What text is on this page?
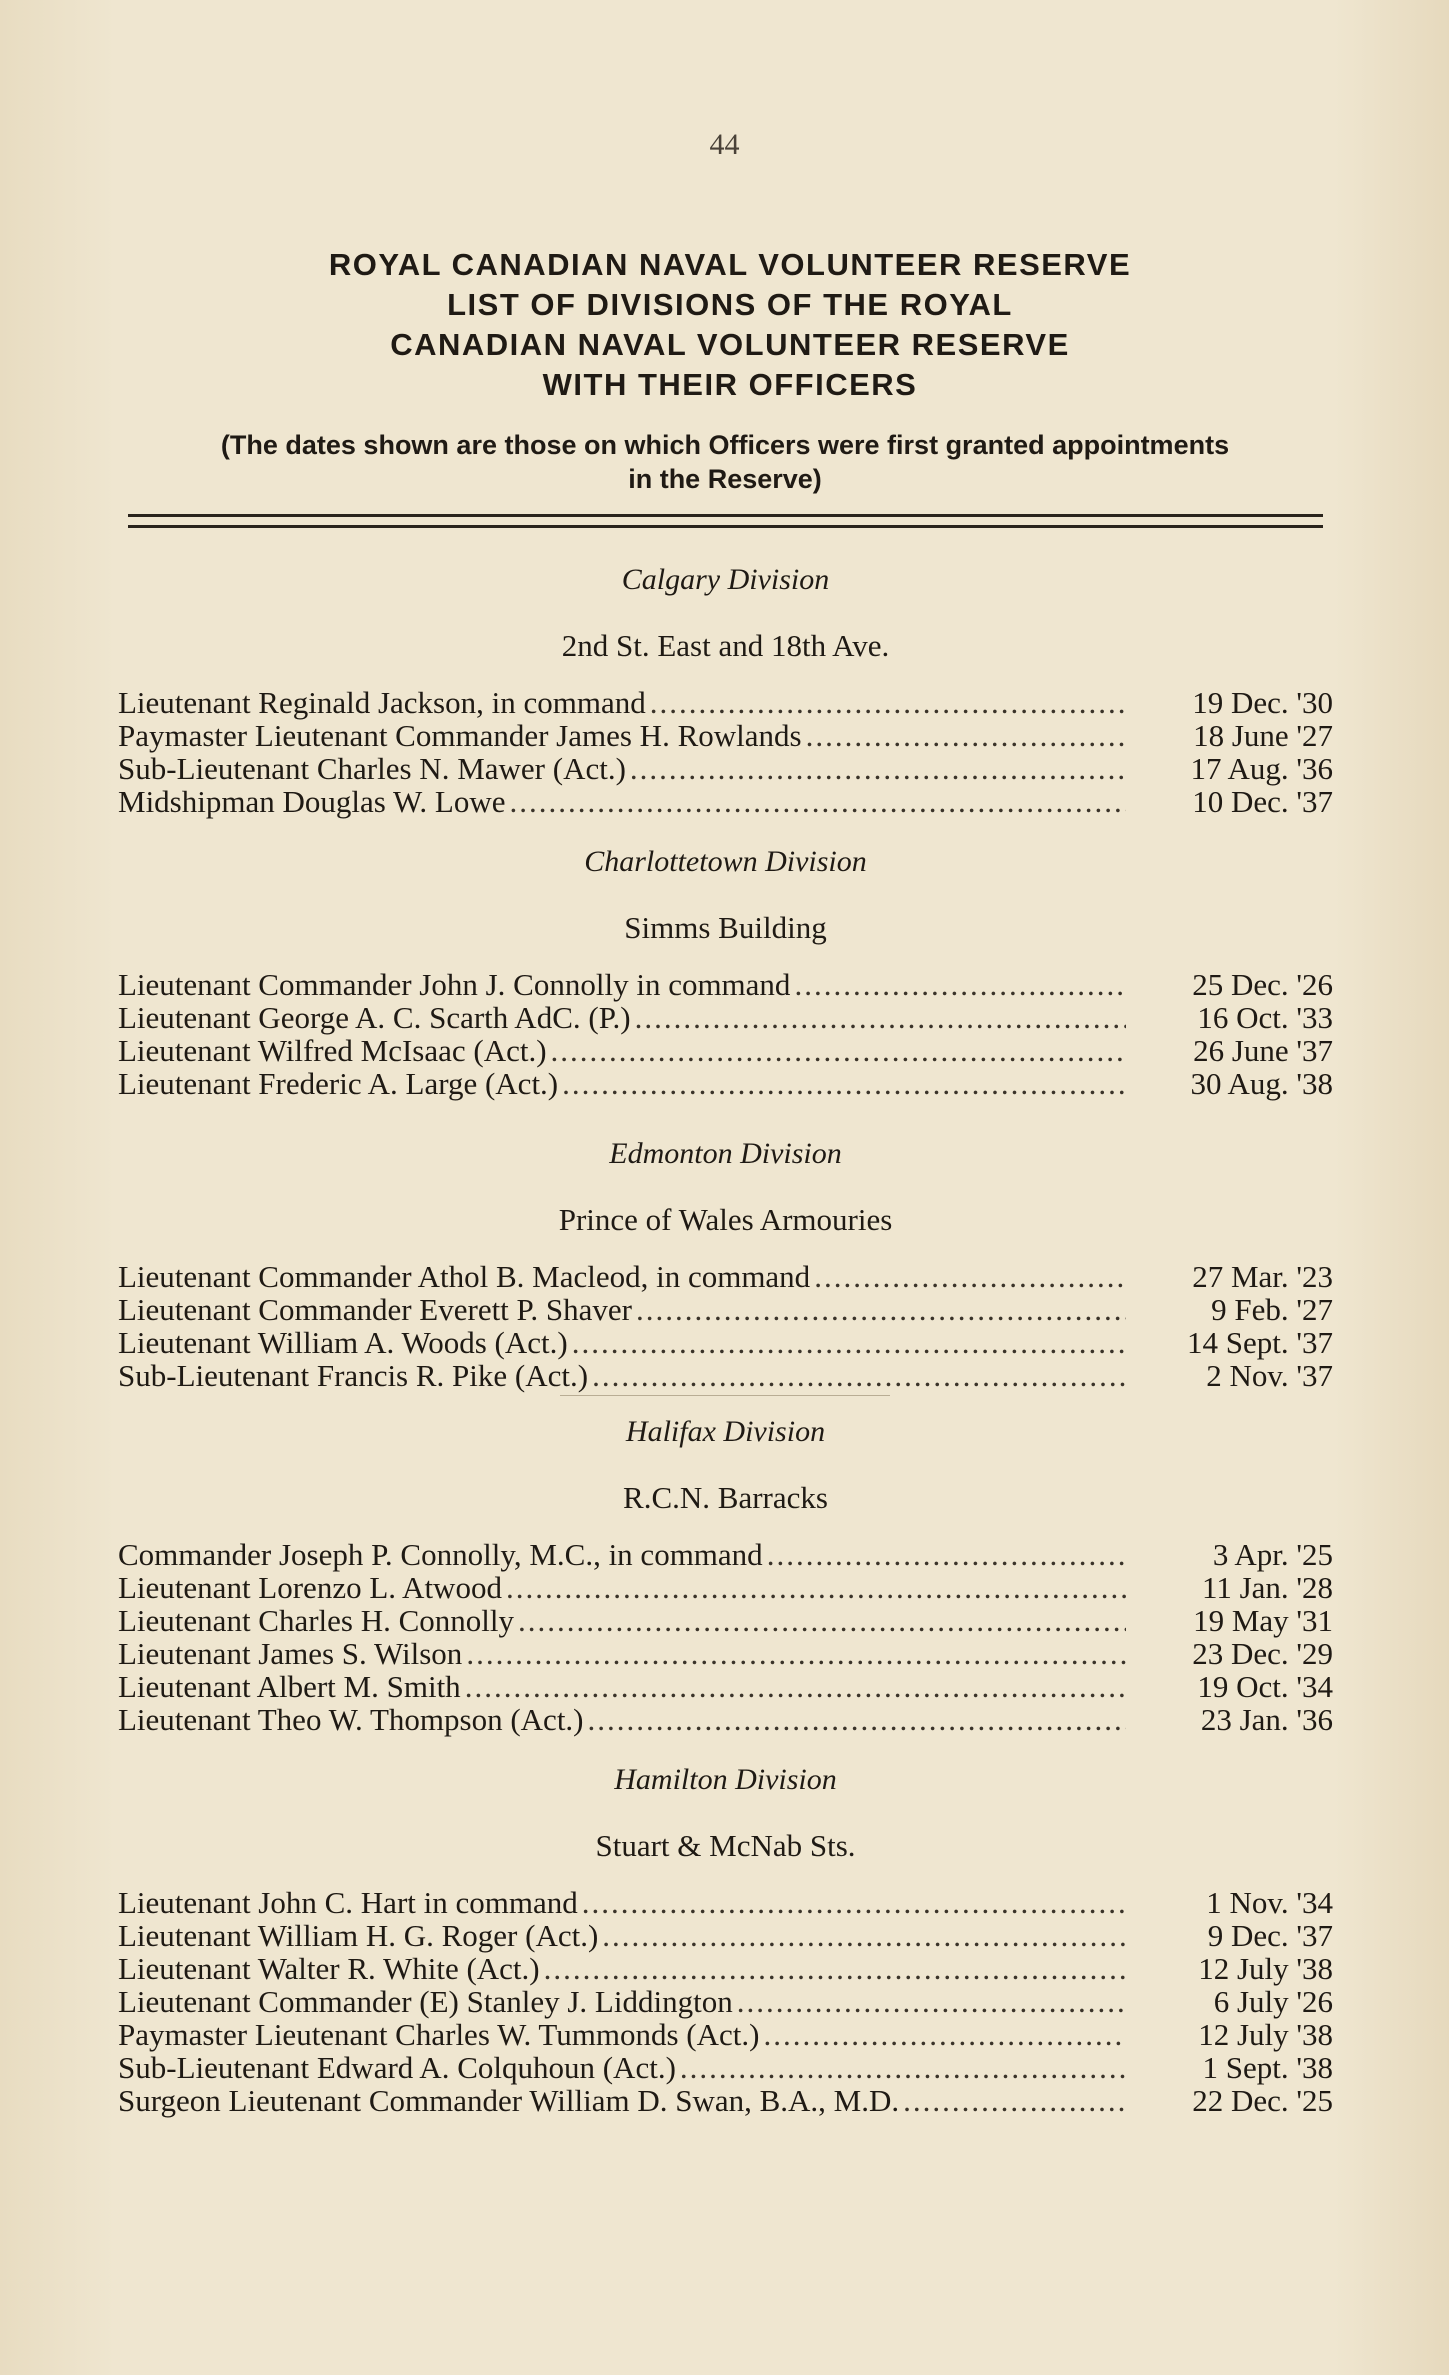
44
ROYAL CANADIAN NAVAL VOLUNTEER RESERVE
LIST OF DIVISIONS OF THE ROYAL
CANADIAN NAVAL VOLUNTEER RESERVE
WITH THEIR OFFICERS
(The dates shown are those on which Officers were first granted appointments
in the Reserve)
Calgary Division
2nd St. East and 18th Ave.
Lieutenant Reginald Jackson, in command .....	19 Dec. '30
Paymaster Lieutenant Commander James H. Rowlands .....	18 June '27
Sub-Lieutenant Charles N. Mawer (Act.) .....	17 Aug. '36
Midshipman Douglas W. Lowe .....	10 Dec. '37
Charlottetown Division
Simms Building
Lieutenant Commander John J. Connolly in command .....	25 Dec. '26
Lieutenant George A. C. Scarth AdC. (P.) .....	16 Oct. '33
Lieutenant Wilfred McIsaac (Act.) .....	26 June '37
Lieutenant Frederic A. Large (Act.) .....	30 Aug. '38
Edmonton Division
Prince of Wales Armouries
Lieutenant Commander Athol B. Macleod, in command .....	27 Mar. '23
Lieutenant Commander Everett P. Shaver .....	9 Feb. '27
Lieutenant William A. Woods (Act.) .....	14 Sept. '37
Sub-Lieutenant Francis R. Pike (Act.) .....	2 Nov. '37
Halifax Division
R.C.N. Barracks
Commander Joseph P. Connolly, M.C., in command .....	3 Apr. '25
Lieutenant Lorenzo L. Atwood .....	11 Jan. '28
Lieutenant Charles H. Connolly .....	19 May '31
Lieutenant James S. Wilson .....	23 Dec. '29
Lieutenant Albert M. Smith .....	19 Oct. '34
Lieutenant Theo W. Thompson (Act.) .....	23 Jan. '36
Hamilton Division
Stuart & McNab Sts.
Lieutenant John C. Hart in command .....	1 Nov. '34
Lieutenant William H. G. Roger (Act.) .....	9 Dec. '37
Lieutenant Walter R. White (Act.) .....	12 July '38
Lieutenant Commander (E) Stanley J. Liddington .....	6 July '26
Paymaster Lieutenant Charles W. Tummonds (Act.) .....	12 July '38
Sub-Lieutenant Edward A. Colquhoun (Act.) .....	1 Sept. '38
Surgeon Lieutenant Commander William D. Swan, B.A., M.D. .....	22 Dec. '25
